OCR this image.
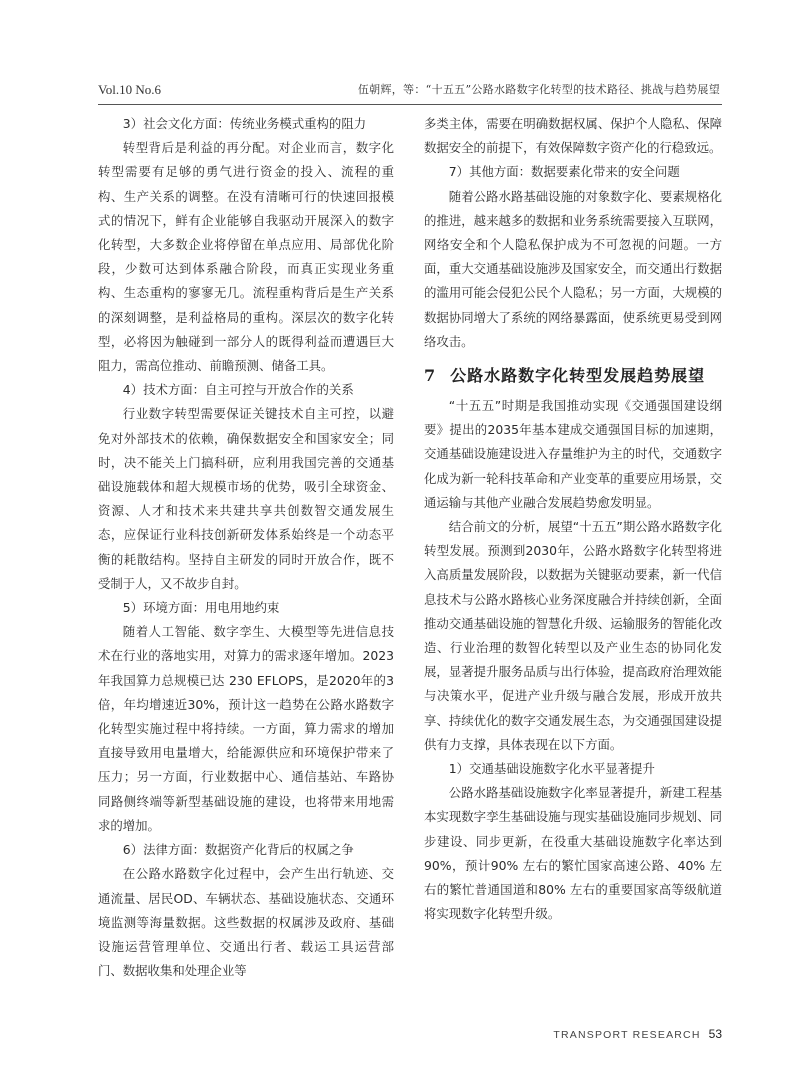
Vol.10 No.6	伍朝辉，等：“十五五”公路水路数字化转型的技术路径、挑战与趋势展望

3）社会文化方面：传统业务模式重构的阻力

转型背后是利益的再分配。对企业而言，数字化转型需要有足够的勇气进行资金的投入、流程的重构、生产关系的调整。在没有清晰可行的快速回报模式的情况下，鲜有企业能够自我驱动开展深入的数字化转型，大多数企业将停留在单点应用、局部优化阶段，少数可达到体系融合阶段，而真正实现业务重构、生态重构的寥寥无几。流程重构背后是生产关系的深刻调整，是利益格局的重构。深层次的数字化转型，必将因为触碰到一部分人的既得利益而遭遇巨大阻力，需高位推动、前瞻预测、储备工具。

4）技术方面：自主可控与开放合作的关系

行业数字转型需要保证关键技术自主可控，以避免对外部技术的依赖，确保数据安全和国家安全；同时，决不能关上门搞科研，应利用我国完善的交通基础设施载体和超大规模市场的优势，吸引全球资金、资源、人才和技术来共建共享共创数智交通发展生态，应保证行业科技创新研发体系始终是一个动态平衡的耗散结构。坚持自主研发的同时开放合作，既不受制于人，又不故步自封。

5）环境方面：用电用地约束

随着人工智能、数字孪生、大模型等先进信息技术在行业的落地实用，对算力的需求逐年增加。2023 年我国算力总规模已达 230 EFLOPS，是2020年的3倍，年均增速近30%，预计这一趋势在公路水路数字化转型实施过程中将持续。一方面，算力需求的增加直接导致用电量增大，给能源供应和环境保护带来了压力；另一方面，行业数据中心、通信基站、车路协同路侧终端等新型基础设施的建设，也将带来用地需求的增加。

6）法律方面：数据资产化背后的权属之争

在公路水路数字化过程中，会产生出行轨迹、交通流量、居民OD、车辆状态、基础设施状态、交通环境监测等海量数据。这些数据的权属涉及政府、基础设施运营管理单位、交通出行者、载运工具运营部门、数据收集和处理企业等

多类主体，需要在明确数据权属、保护个人隐私、保障数据安全的前提下，有效保障数字资产化的行稳致远。

7）其他方面：数据要素化带来的安全问题

随着公路水路基础设施的对象数字化、要素规格化的推进，越来越多的数据和业务系统需要接入互联网，网络安全和个人隐私保护成为不可忽视的问题。一方面，重大交通基础设施涉及国家安全，而交通出行数据的滥用可能会侵犯公民个人隐私；另一方面，大规模的数据协同增大了系统的网络暴露面，使系统更易受到网络攻击。

7 公路水路数字化转型发展趋势展望

“十五五”时期是我国推动实现《交通强国建设纲要》提出的2035年基本建成交通强国目标的加速期，交通基础设施建设进入存量维护为主的时代，交通数字化成为新一轮科技革命和产业变革的重要应用场景，交通运输与其他产业融合发展趋势愈发明显。

结合前文的分析，展望“十五五”期公路水路数字化转型发展。预测到2030年，公路水路数字化转型将进入高质量发展阶段，以数据为关键驱动要素，新一代信息技术与公路水路核心业务深度融合并持续创新，全面推动交通基础设施的智慧化升级、运输服务的智能化改造、行业治理的数智化转型以及产业生态的协同化发展，显著提升服务品质与出行体验，提高政府治理效能与决策水平，促进产业升级与融合发展，形成开放共享、持续优化的数字交通发展生态，为交通强国建设提供有力支撑，具体表现在以下方面。

1）交通基础设施数字化水平显著提升

公路水路基础设施数字化率显著提升，新建工程基本实现数字孪生基础设施与现实基础设施同步规划、同步建设、同步更新，在役重大基础设施数字化率达到90%，预计90% 左右的繁忙国家高速公路、40% 左右的繁忙普通国道和80% 左右的重要国家高等级航道将实现数字化转型升级。

TRANSPORT RESEARCH 53
